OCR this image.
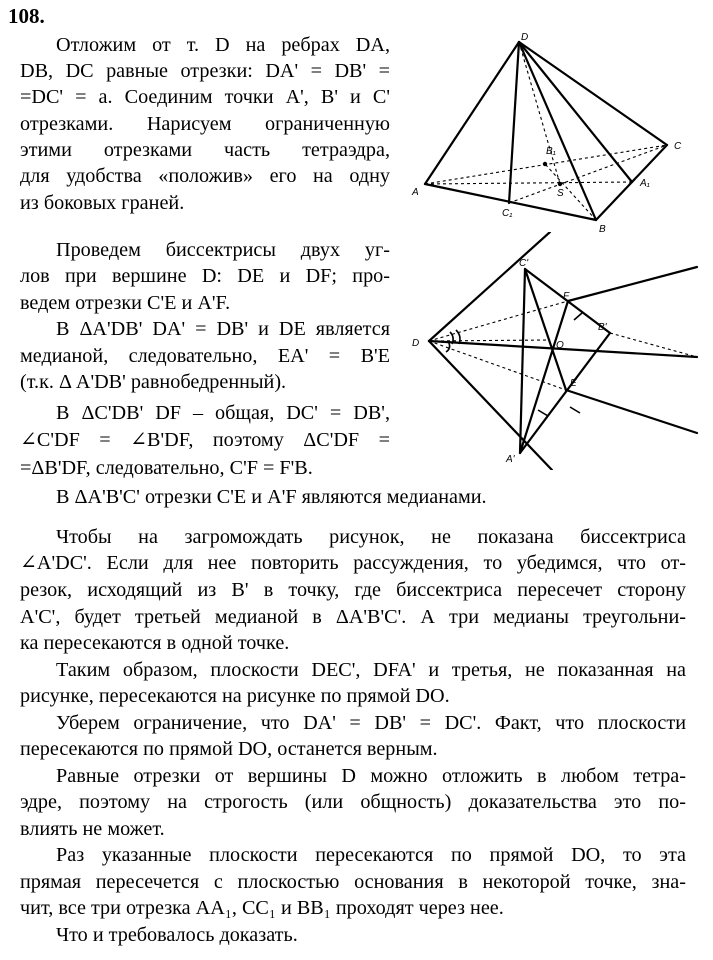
108.
Отложим от т. D на ребрах DA,
DB, DC равные отрезки: DA' = DB' =
=DC' = a. Соединим точки A', B' и C'
отрезками. Нарисуем ограниченную
этими отрезками часть тетраэдра,
для удобства «положив» его на одну
из боковых граней.
Проведем биссектрисы двух уг-
лов при вершине D: DE и DF; про-
ведем отрезки C'E и A'F.
В ΔA'DB' DA' = DB' и DE является
медианой, следовательно, EA' = B'E
(т.к. Δ A'DB' равнобедренный).
В ΔC'DB' DF – общая, DC' = DB',
∠C'DF = ∠B'DF, поэтому ΔC'DF =
=ΔB'DF, следовательно, C'F = F'B.
В ΔA'B'C' отрезки C'E и A'F являются медианами.
Чтобы на загромождать рисунок, не показана биссектриса
∠A'DC'. Если для нее повторить рассуждения, то убедимся, что от-
резок, исходящий из B' в точку, где биссектриса пересечет сторону
A'C', будет третьей медианой в ΔA'B'C'. А три медианы треугольни-
ка пересекаются в одной точке.
Таким образом, плоскости DEC', DFA' и третья, не показанная на
рисунке, пересекаются на рисунке по прямой DO.
Уберем ограничение, что DA' = DB' = DC'. Факт, что плоскости
пересекаются по прямой DO, останется верным.
Равные отрезки от вершины D можно отложить в любом тетра-
эдре, поэтому на строгость (или общность) доказательства это по-
влиять не может.
Раз указанные плоскости пересекаются по прямой DO, то эта
прямая пересечется с плоскостью основания в некоторой точке, зна-
чит, все три отрезка AA₁, CC₁ и BB₁ проходят через нее.
Что и требовалось доказать.
D
C
A
A₁
B
B₁
C₁
S
C'
F
B'
D	O
E
A'
